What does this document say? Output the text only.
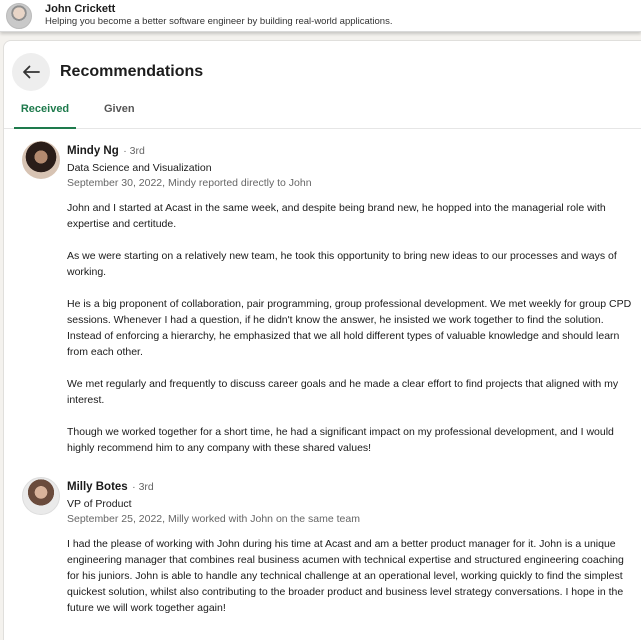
John Crickett
Helping you become a better software engineer by building real-world applications.
Recommendations
Received	Given
Mindy Ng · 3rd
Data Science and Visualization
September 30, 2022, Mindy reported directly to John

John and I started at Acast in the same week, and despite being brand new, he hopped into the managerial role with expertise and certitude.

As we were starting on a relatively new team, he took this opportunity to bring new ideas to our processes and ways of working.

He is a big proponent of collaboration, pair programming, group professional development. We met weekly for group CPD sessions. Whenever I had a question, if he didn't know the answer, he insisted we work together to find the solution. Instead of enforcing a hierarchy, he emphasized that we all hold different types of valuable knowledge and should learn from each other.

We met regularly and frequently to discuss career goals and he made a clear effort to find projects that aligned with my interest.

Though we worked together for a short time, he had a significant impact on my professional development, and I would highly recommend him to any company with these shared values!

Milly Botes · 3rd
VP of Product
September 25, 2022, Milly worked with John on the same team

I had the please of working with John during his time at Acast and am a better product manager for it. John is a unique engineering manager that combines real business acumen with technical expertise and structured engineering coaching for his juniors. John is able to handle any technical challenge at an operational level, working quickly to find the simplest quickest solution, whilst also contributing to the broader product and business level strategy conversations. I hope in the future we will work together again!
